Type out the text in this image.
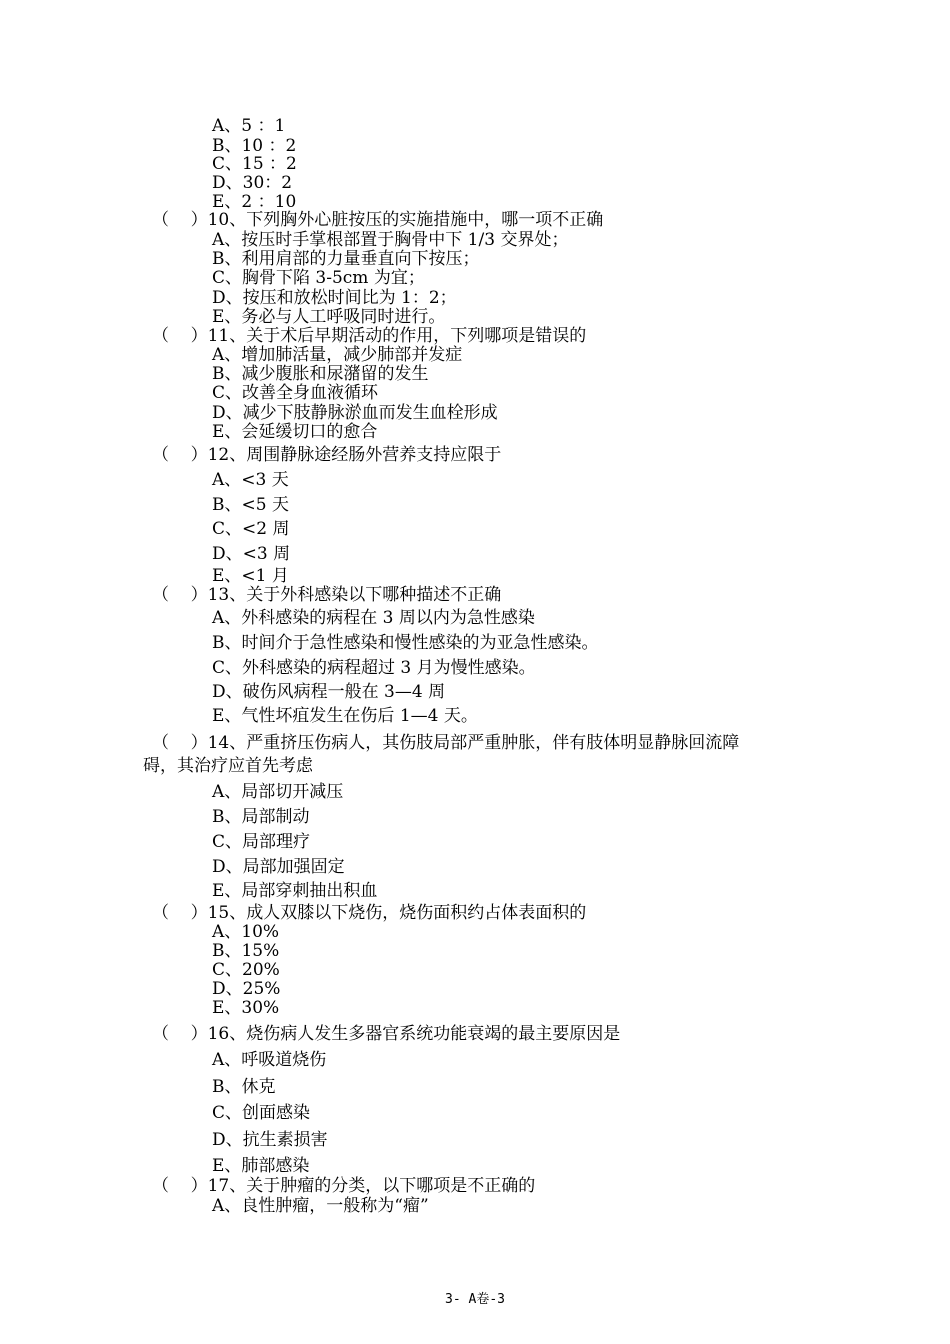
A、5 ：1
B、10 ：2
C、15 ：2
D、30：2
E、2 ：10
（    ）10、下列胸外心脏按压的实施措施中，哪一项不正确
A、按压时手掌根部置于胸骨中下 1/3 交界处；
B、利用肩部的力量垂直向下按压；
C、胸骨下陷 3-5cm 为宜；
D、按压和放松时间比为 1：2；
E、务必与人工呼吸同时进行。
（    ）11、关于术后早期活动的作用，下列哪项是错误的
A、增加肺活量，减少肺部并发症
B、减少腹胀和尿潴留的发生
C、改善全身血液循环
D、减少下肢静脉淤血而发生血栓形成
E、会延缓切口的愈合
（    ）12、周围静脉途经肠外营养支持应限于
A、<3 天
B、<5 天
C、<2 周
D、<3 周
E、<1 月
（    ）13、关于外科感染以下哪种描述不正确
A、外科感染的病程在 3 周以内为急性感染
B、时间介于急性感染和慢性感染的为亚急性感染。
C、外科感染的病程超过 3 月为慢性感染。
D、破伤风病程一般在 3—4 周
E、气性坏疽发生在伤后 1—4 天。
（    ）14、严重挤压伤病人，其伤肢局部严重肿胀，伴有肢体明显静脉回流障
碍，其治疗应首先考虑
A、局部切开减压
B、局部制动
C、局部理疗
D、局部加强固定
E、局部穿刺抽出积血
（    ）15、成人双膝以下烧伤，烧伤面积约占体表面积的
A、10%
B、15%
C、20%
D、25%
E、30%
（    ）16、烧伤病人发生多器官系统功能衰竭的最主要原因是
A、呼吸道烧伤
B、休克
C、创面感染
D、抗生素损害
E、肺部感染
（    ）17、关于肿瘤的分类，以下哪项是不正确的
A、良性肿瘤，一般称为“瘤”
3- A卷-3
